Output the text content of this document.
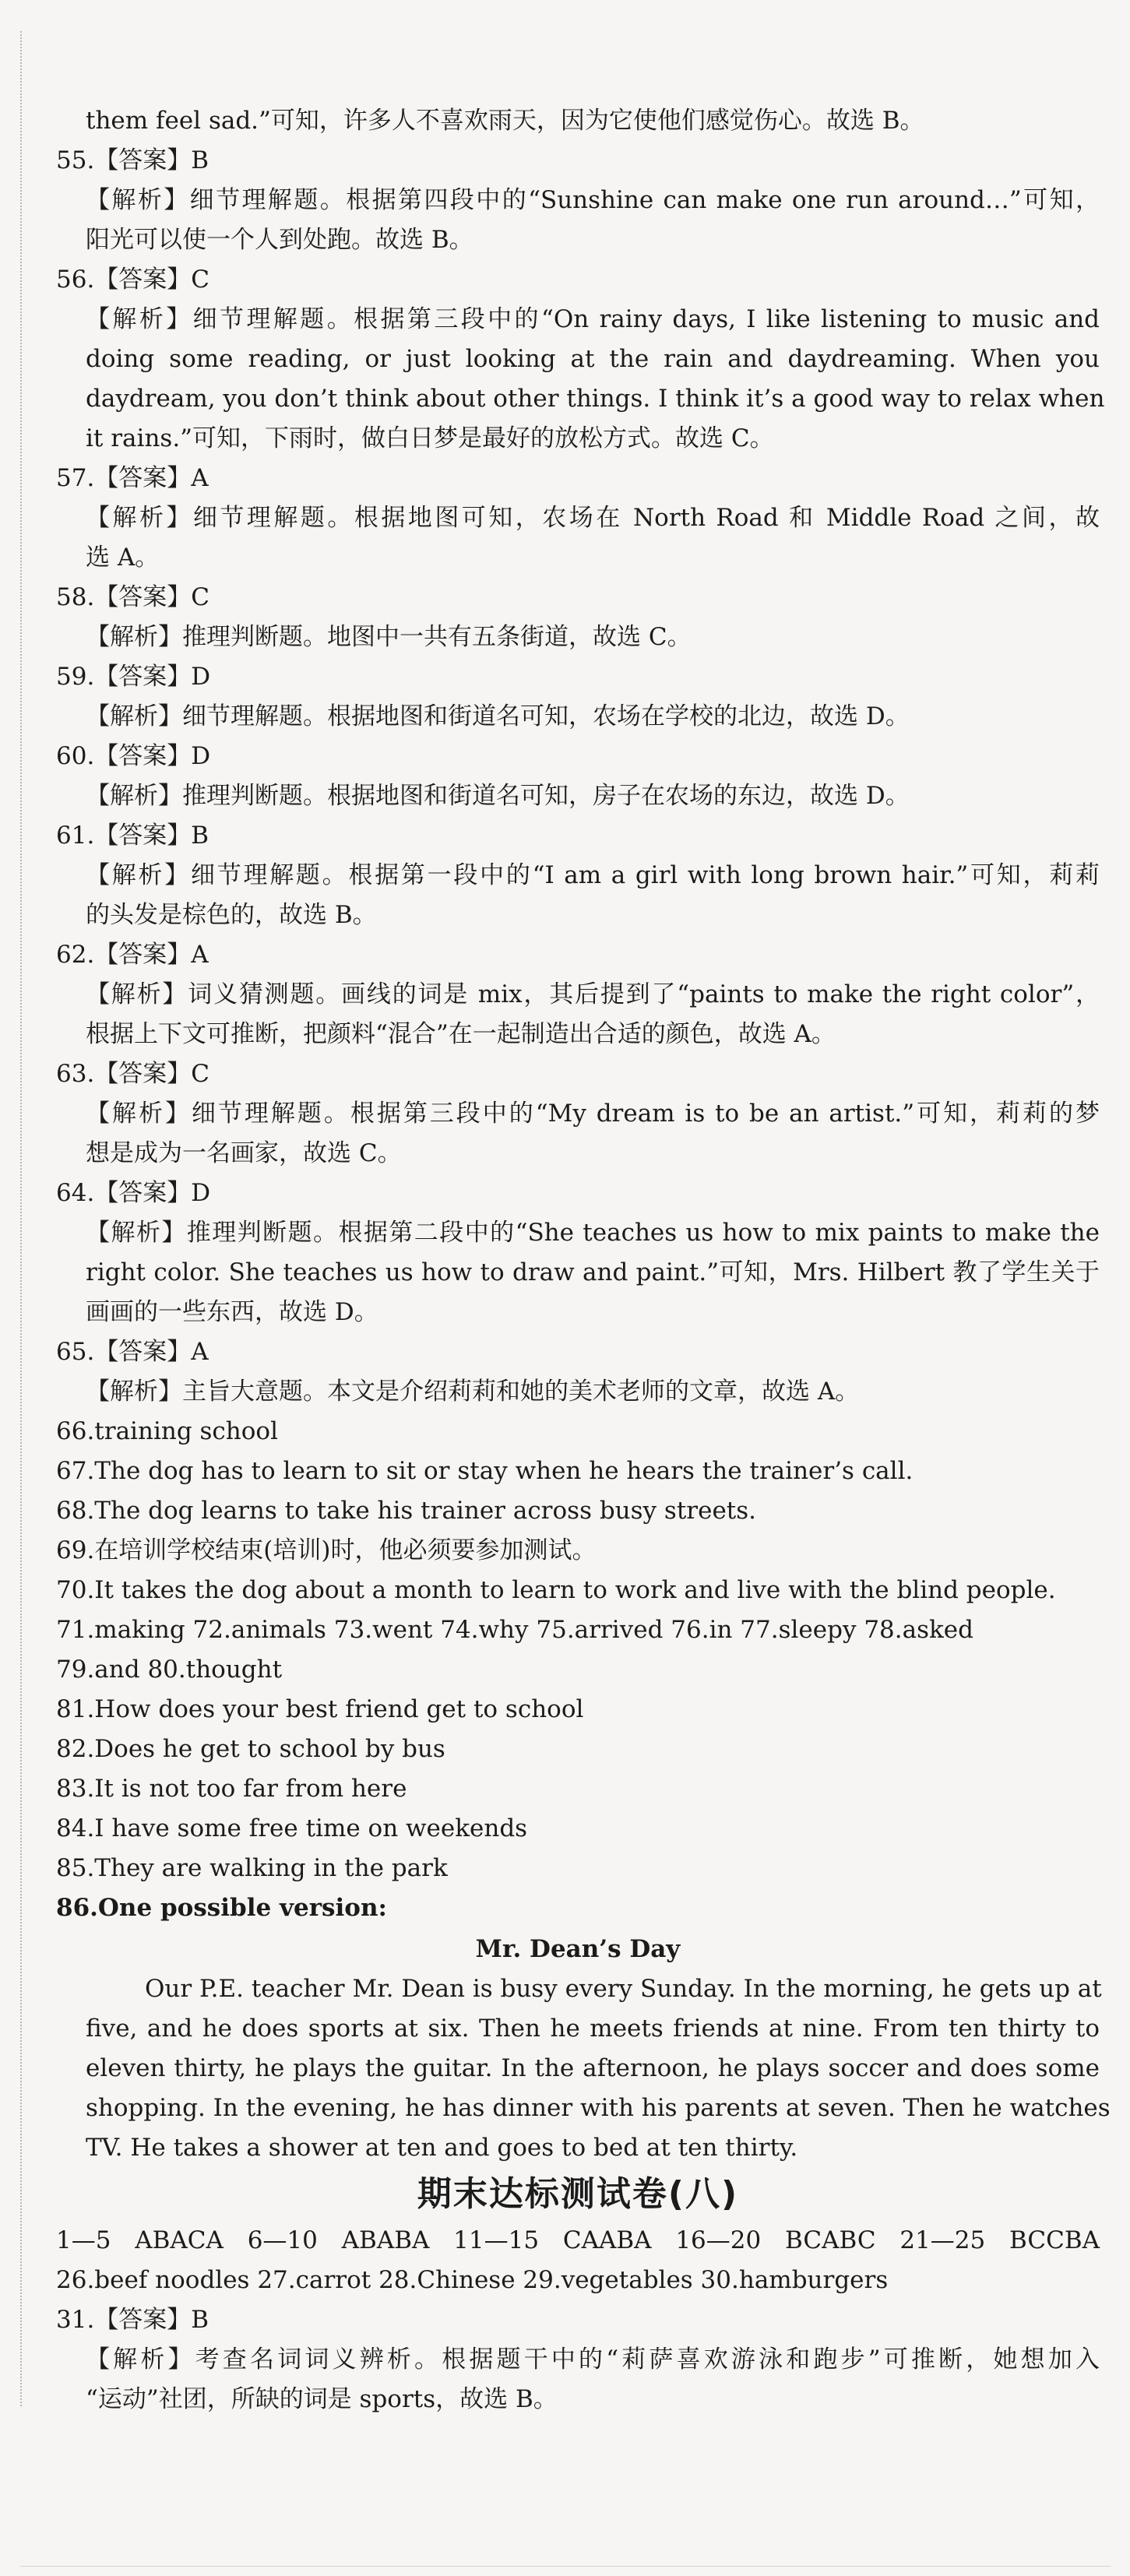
them feel sad.”可知，许多人不喜欢雨天，因为它使他们感觉伤心。故选 B。
55.【答案】B
【解析】细节理解题。根据第四段中的“Sunshine can make one run around…”可知，
阳光可以使一个人到处跑。故选 B。
56.【答案】C
【解析】细节理解题。根据第三段中的“On rainy days, I like listening to music and
doing some reading, or just looking at the rain and daydreaming. When you
daydream, you don’t think about other things. I think it’s a good way to relax when
it rains.”可知，下雨时，做白日梦是最好的放松方式。故选 C。
57.【答案】A
【解析】细节理解题。根据地图可知，农场在 North Road 和 Middle Road 之间，故
选 A。
58.【答案】C
【解析】推理判断题。地图中一共有五条街道，故选 C。
59.【答案】D
【解析】细节理解题。根据地图和街道名可知，农场在学校的北边，故选 D。
60.【答案】D
【解析】推理判断题。根据地图和街道名可知，房子在农场的东边，故选 D。
61.【答案】B
【解析】细节理解题。根据第一段中的“I am a girl with long brown hair.”可知，莉莉
的头发是棕色的，故选 B。
62.【答案】A
【解析】词义猜测题。画线的词是 mix，其后提到了“paints to make the right color”，
根据上下文可推断，把颜料“混合”在一起制造出合适的颜色，故选 A。
63.【答案】C
【解析】细节理解题。根据第三段中的“My dream is to be an artist.”可知，莉莉的梦
想是成为一名画家，故选 C。
64.【答案】D
【解析】推理判断题。根据第二段中的“She teaches us how to mix paints to make the
right color. She teaches us how to draw and paint.”可知，Mrs. Hilbert 教了学生关于
画画的一些东西，故选 D。
65.【答案】A
【解析】主旨大意题。本文是介绍莉莉和她的美术老师的文章，故选 A。
66.training school
67.The dog has to learn to sit or stay when he hears the trainer’s call.
68.The dog learns to take his trainer across busy streets.
69.在培训学校结束(培训)时，他必须要参加测试。
70.It takes the dog about a month to learn to work and live with the blind people.
71.making 72.animals 73.went 74.why 75.arrived 76.in 77.sleepy 78.asked
79.and 80.thought
81.How does your best friend get to school
82.Does he get to school by bus
83.It is not too far from here
84.I have some free time on weekends
85.They are walking in the park
86.One possible version:
Mr. Dean’s Day
Our P.E. teacher Mr. Dean is busy every Sunday. In the morning, he gets up at
five, and he does sports at six. Then he meets friends at nine. From ten thirty to
eleven thirty, he plays the guitar. In the afternoon, he plays soccer and does some
shopping. In the evening, he has dinner with his parents at seven. Then he watches
TV. He takes a shower at ten and goes to bed at ten thirty.
期末达标测试卷(八)
1—5 ABACA 6—10 ABABA 11—15 CAABA 16—20 BCABC 21—25 BCCBA
26.beef noodles 27.carrot 28.Chinese 29.vegetables 30.hamburgers
31.【答案】B
【解析】考查名词词义辨析。根据题干中的“莉萨喜欢游泳和跑步”可推断，她想加入
“运动”社团，所缺的词是 sports，故选 B。
